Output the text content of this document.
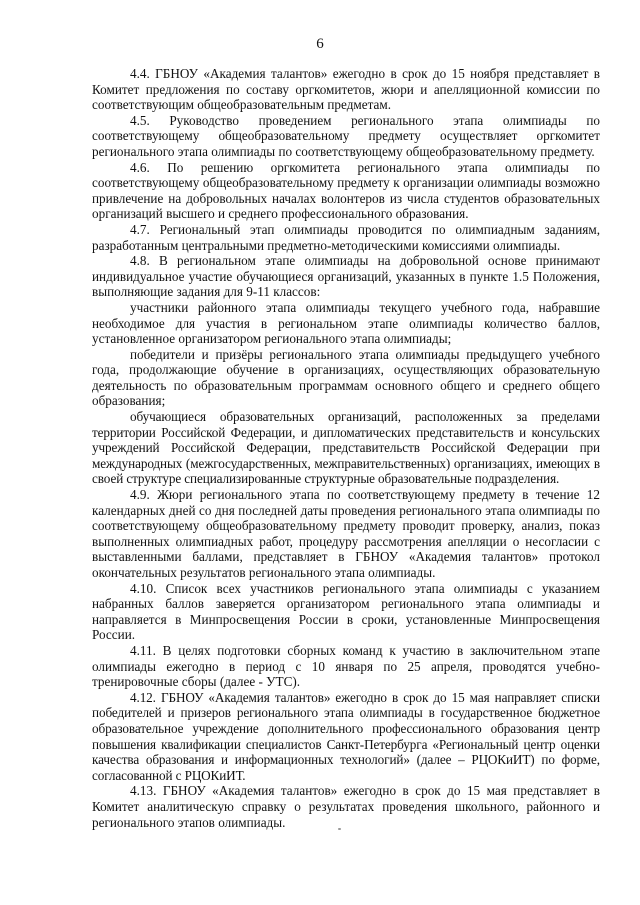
6

4.4. ГБНОУ «Академия талантов» ежегодно в срок до 15 ноября представляет в Комитет предложения по составу оргкомитетов, жюри и апелляционной комиссии по соответствующим общеобразовательным предметам.

4.5. Руководство проведением регионального этапа олимпиады по соответствующему общеобразовательному предмету осуществляет оргкомитет регионального этапа олимпиады по соответствующему общеобразовательному предмету.

4.6. По решению оргкомитета регионального этапа олимпиады по соответствующему общеобразовательному предмету к организации олимпиады возможно привлечение на добровольных началах волонтеров из числа студентов образовательных организаций высшего и среднего профессионального образования.

4.7. Региональный этап олимпиады проводится по олимпиадным заданиям, разработанным центральными предметно-методическими комиссиями олимпиады.

4.8. В региональном этапе олимпиады на добровольной основе принимают индивидуальное участие обучающиеся организаций, указанных в пункте 1.5 Положения, выполняющие задания для 9-11 классов:

участники районного этапа олимпиады текущего учебного года, набравшие необходимое для участия в региональном этапе олимпиады количество баллов, установленное организатором регионального этапа олимпиады;

победители и призёры регионального этапа олимпиады предыдущего учебного года, продолжающие обучение в организациях, осуществляющих образовательную деятельность по образовательным программам основного общего и среднего общего образования;

обучающиеся образовательных организаций, расположенных за пределами территории Российской Федерации, и дипломатических представительств и консульских учреждений Российской Федерации, представительств Российской Федерации при международных (межгосударственных, межправительственных) организациях, имеющих в своей структуре специализированные структурные образовательные подразделения.

4.9. Жюри регионального этапа по соответствующему предмету в течение 12 календарных дней со дня последней даты проведения регионального этапа олимпиады по соответствующему общеобразовательному предмету проводит проверку, анализ, показ выполненных олимпиадных работ, процедуру рассмотрения апелляции о несогласии с выставленными баллами, представляет в ГБНОУ «Академия талантов» протокол окончательных результатов регионального этапа олимпиады.

4.10. Список всех участников регионального этапа олимпиады с указанием набранных баллов заверяется организатором регионального этапа олимпиады и направляется в Минпросвещения России в сроки, установленные Минпросвещения России.

4.11. В целях подготовки сборных команд к участию в заключительном этапе олимпиады ежегодно в период с 10 января по 25 апреля, проводятся учебно-тренировочные сборы (далее - УТС).

4.12. ГБНОУ «Академия талантов» ежегодно в срок до 15 мая направляет списки победителей и призеров регионального этапа олимпиады в государственное бюджетное образовательное учреждение дополнительного профессионального образования центр повышения квалификации специалистов Санкт-Петербурга «Региональный центр оценки качества образования и информационных технологий» (далее – РЦОКиИТ) по форме, согласованной с РЦОКиИТ.

4.13. ГБНОУ «Академия талантов» ежегодно в срок до 15 мая представляет в Комитет аналитическую справку о результатах проведения школьного, районного и регионального этапов олимпиады.
